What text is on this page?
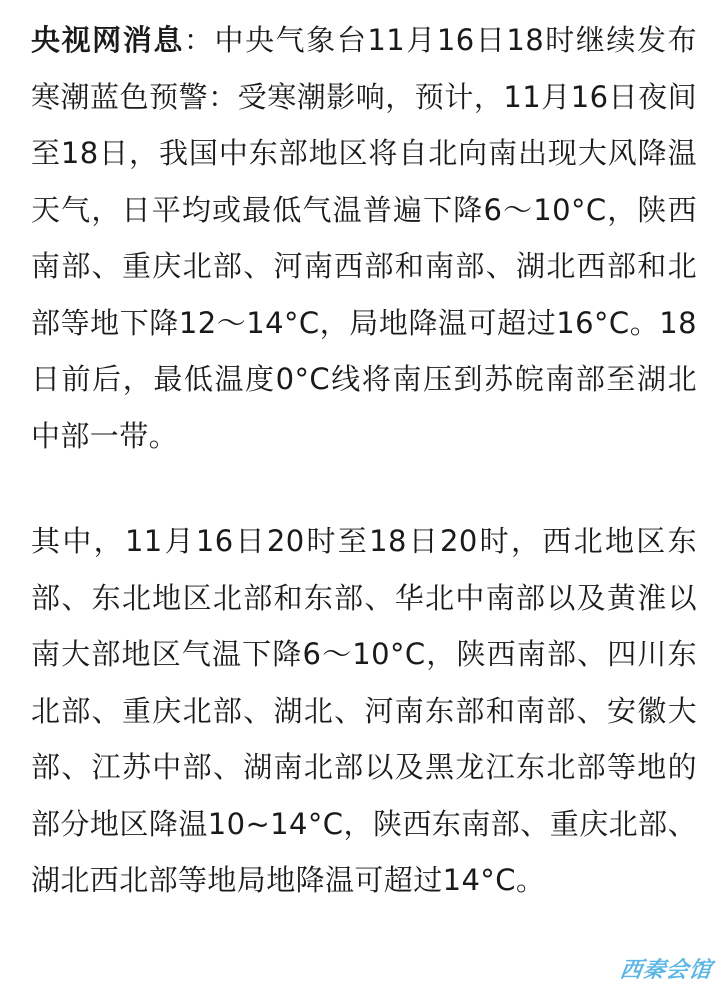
央视网消息：中央气象台11月16日18时继续发布寒潮蓝色预警：受寒潮影响，预计，11月16日夜间至18日，我国中东部地区将自北向南出现大风降温天气，日平均或最低气温普遍下降6～10°C，陕西南部、重庆北部、河南西部和南部、湖北西部和北部等地下降12～14°C，局地降温可超过16°C。18日前后，最低温度0°C线将南压到苏皖南部至湖北中部一带。

其中，11月16日20时至18日20时，西北地区东部、东北地区北部和东部、华北中南部以及黄淮以南大部地区气温下降6～10°C，陕西南部、四川东北部、重庆北部、湖北、河南东部和南部、安徽大部、江苏中部、湖南北部以及黑龙江东北部等地的部分地区降温10~14°C，陕西东南部、重庆北部、湖北西北部等地局地降温可超过14°C。

西秦会馆
